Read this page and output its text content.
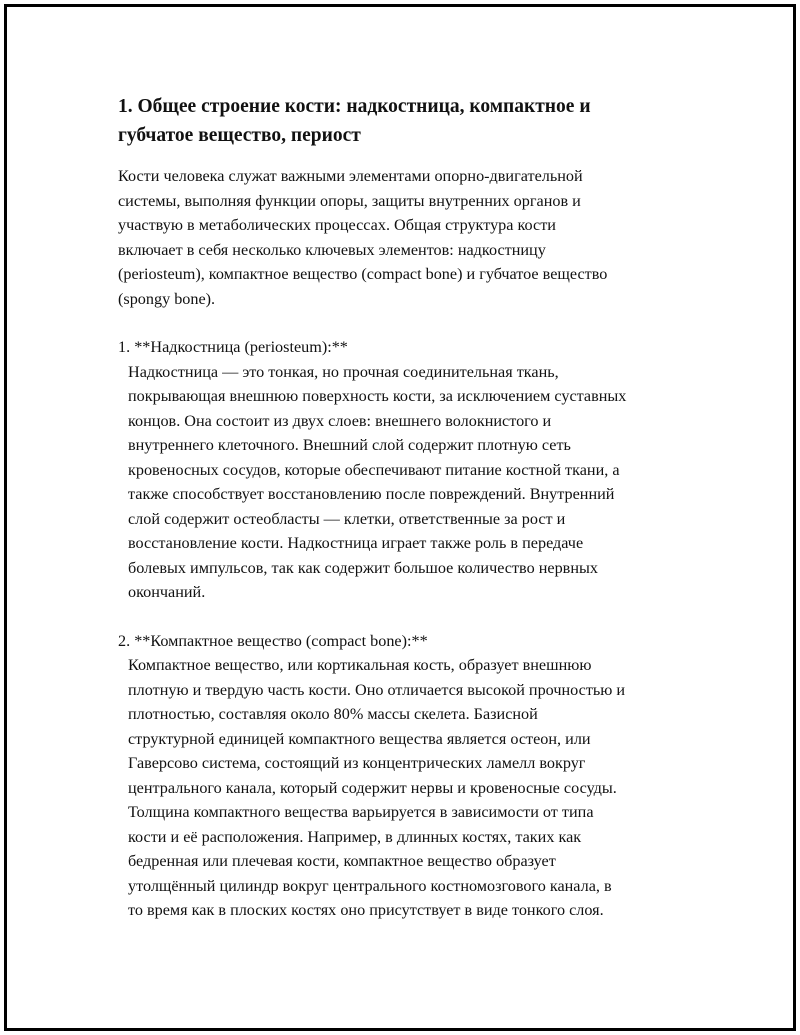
1. Общее строение кости: надкостница, компактное и
губчатое вещество, периост

Кости человека служат важными элементами опорно-двигательной
системы, выполняя функции опоры, защиты внутренних органов и
участвую в метаболических процессах. Общая структура кости
включает в себя несколько ключевых элементов: надкостницу
(periosteum), компактное вещество (compact bone) и губчатое вещество
(spongy bone).

1. **Надкостница (periosteum):**

Надкостница — это тонкая, но прочная соединительная ткань,
покрывающая внешнюю поверхность кости, за исключением суставных
концов. Она состоит из двух слоев: внешнего волокнистого и
внутреннего клеточного. Внешний слой содержит плотную сеть
кровеносных сосудов, которые обеспечивают питание костной ткани, а
также способствует восстановлению после повреждений. Внутренний
слой содержит остеобласты — клетки, ответственные за рост и
восстановление кости. Надкостница играет также роль в передаче
болевых импульсов, так как содержит большое количество нервных
окончаний.

2. **Компактное вещество (compact bone):**

Компактное вещество, или кортикальная кость, образует внешнюю
плотную и твердую часть кости. Оно отличается высокой прочностью и
плотностью, составляя около 80% массы скелета. Базисной
структурной единицей компактного вещества является остеон, или
Гаверсово система, состоящий из концентрических ламелл вокруг
центрального канала, который содержит нервы и кровеносные сосуды.
Толщина компактного вещества варьируется в зависимости от типа
кости и её расположения. Например, в длинных костях, таких как
бедренная или плечевая кости, компактное вещество образует
утолщённый цилиндр вокруг центрального костномозгового канала, в
то время как в плоских костях оно присутствует в виде тонкого слоя.
